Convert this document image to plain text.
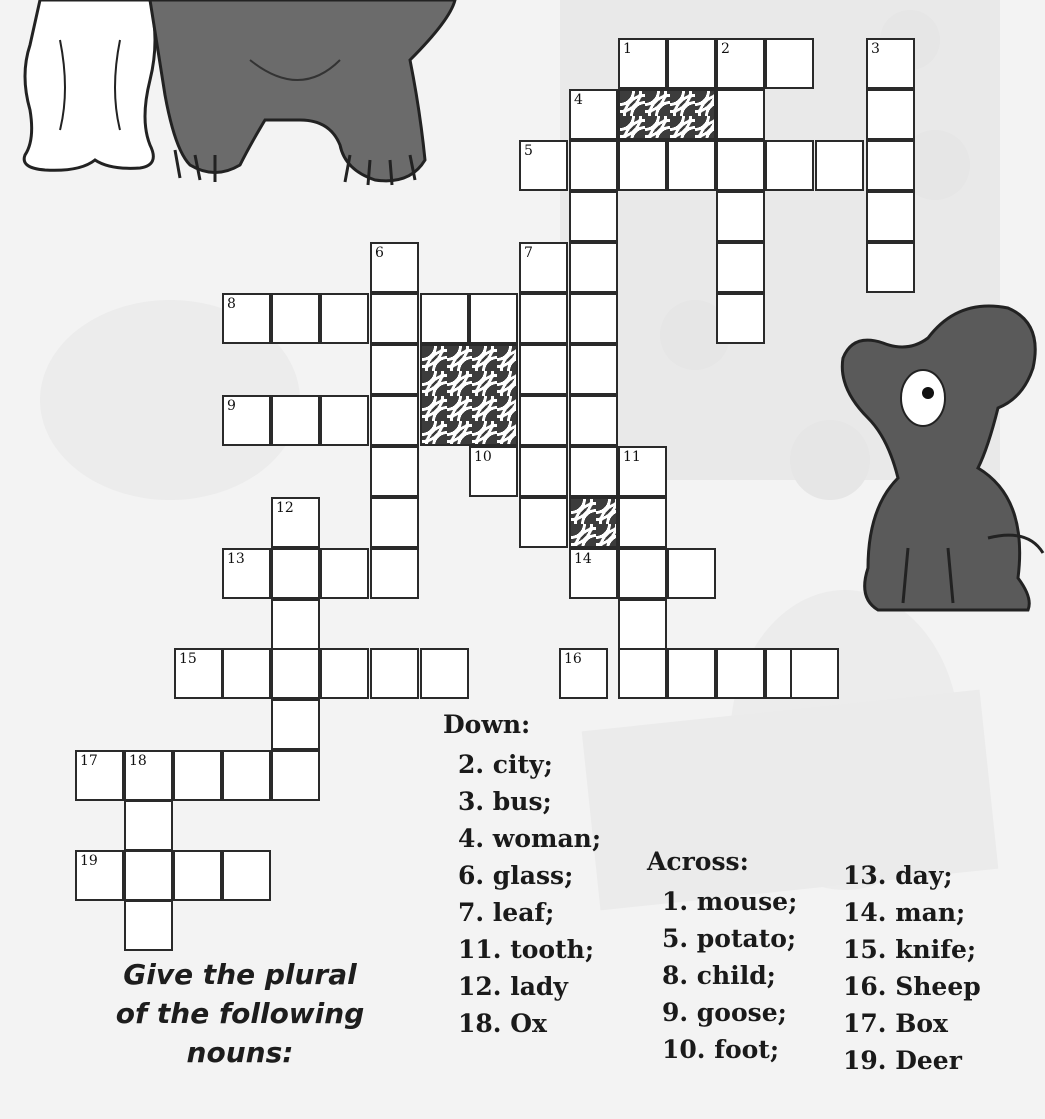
1	2	3
4
5
6	7
8
9
10	11
12
13	14
15	16
17 18
19
Give the plural
of the following
nouns:
Down:
2. city;
3. bus;
4. woman;
6. glass;
7. leaf;
11. tooth;
12. lady
18. Ox
Across:
1. mouse;
5. potato;
8. child;
9. goose;
10. foot;
13. day;
14. man;
15. knife;
16. Sheep
17. Box
19. Deer
